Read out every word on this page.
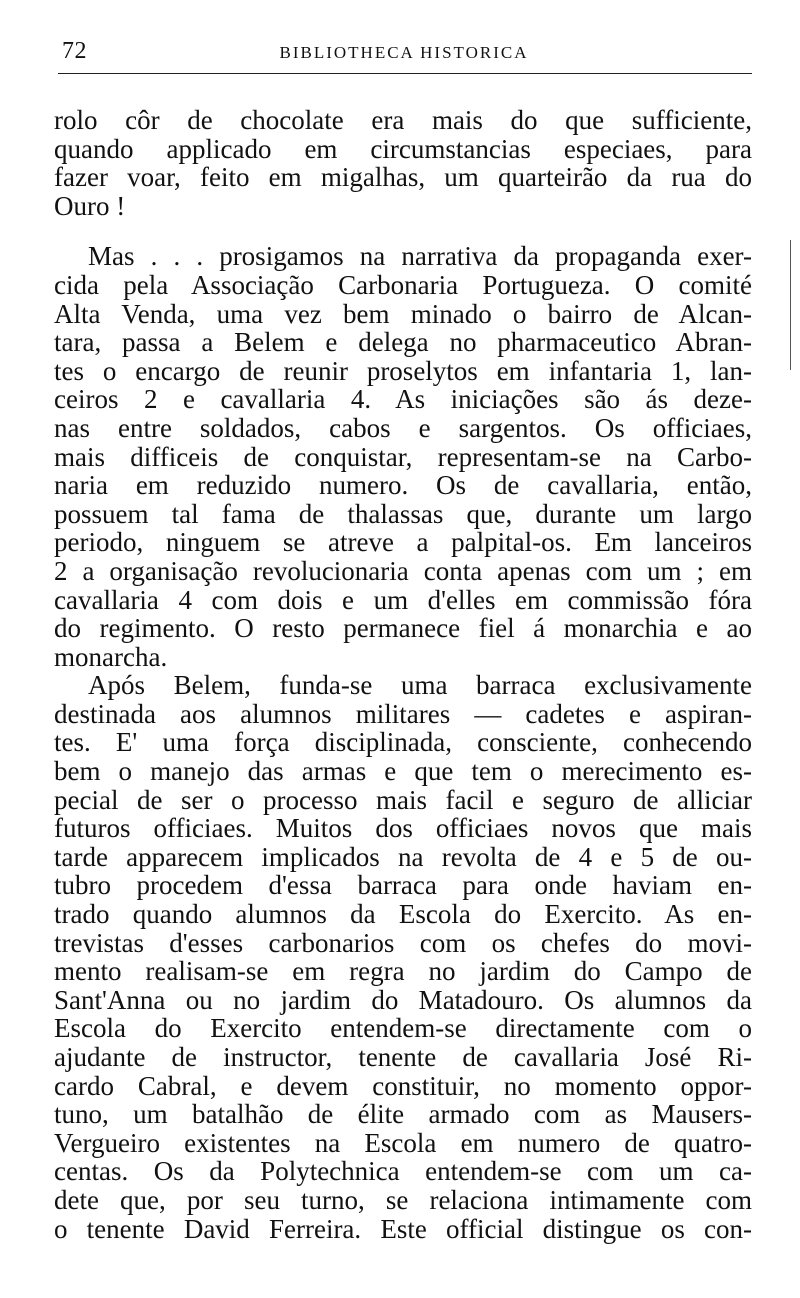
72	BIBLIOTHECA HISTORICA
rolo côr de chocolate era mais do que sufficiente,
quando applicado em circumstancias especiaes, para
fazer voar, feito em migalhas, um quarteirão da rua do
Ouro !
Mas . . . prosigamos na narrativa da propaganda exer-
cida pela Associação Carbonaria Portugueza. O comité
Alta Venda, uma vez bem minado o bairro de Alcan-
tara, passa a Belem e delega no pharmaceutico Abran-
tes o encargo de reunir proselytos em infantaria 1, lan-
ceiros 2 e cavallaria 4. As iniciações são ás deze-
nas entre soldados, cabos e sargentos. Os officiaes,
mais difficeis de conquistar, representam-se na Carbo-
naria em reduzido numero. Os de cavallaria, então,
possuem tal fama de thalassas que, durante um largo
periodo, ninguem se atreve a palpital-os. Em lanceiros
2 a organisação revolucionaria conta apenas com um ; em
cavallaria 4 com dois e um d'elles em commissão fóra
do regimento. O resto permanece fiel á monarchia e ao
monarcha.
Após Belem, funda-se uma barraca exclusivamente
destinada aos alumnos militares — cadetes e aspiran-
tes. E' uma força disciplinada, consciente, conhecendo
bem o manejo das armas e que tem o merecimento es-
pecial de ser o processo mais facil e seguro de alliciar
futuros officiaes. Muitos dos officiaes novos que mais
tarde apparecem implicados na revolta de 4 e 5 de ou-
tubro procedem d'essa barraca para onde haviam en-
trado quando alumnos da Escola do Exercito. As en-
trevistas d'esses carbonarios com os chefes do movi-
mento realisam-se em regra no jardim do Campo de
Sant'Anna ou no jardim do Matadouro. Os alumnos da
Escola do Exercito entendem-se directamente com o
ajudante de instructor, tenente de cavallaria José Ri-
cardo Cabral, e devem constituir, no momento oppor-
tuno, um batalhão de élite armado com as Mausers-
Vergueiro existentes na Escola em numero de quatro-
centas. Os da Polytechnica entendem-se com um ca-
dete que, por seu turno, se relaciona intimamente com
o tenente David Ferreira. Este official distingue os con-
